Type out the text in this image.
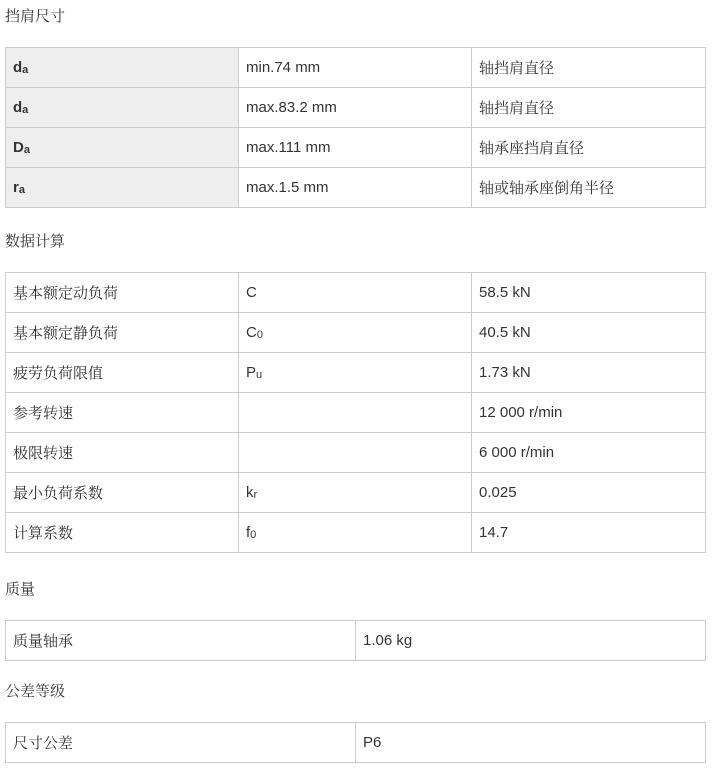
挡肩尺寸
da	min.74 mm	轴挡肩直径
da	max.83.2 mm	轴挡肩直径
Da	max.111 mm	轴承座挡肩直径
ra	max.1.5 mm	轴或轴承座倒角半径
数据计算
基本额定动负荷	C	58.5 kN
基本额定静负荷	C0	40.5 kN
疲劳负荷限值	Pu	1.73 kN
参考转速		12 000 r/min
极限转速		6 000 r/min
最小负荷系数	kr	0.025
计算系数	f0	14.7
质量
质量轴承	1.06 kg
公差等级
尺寸公差	P6
